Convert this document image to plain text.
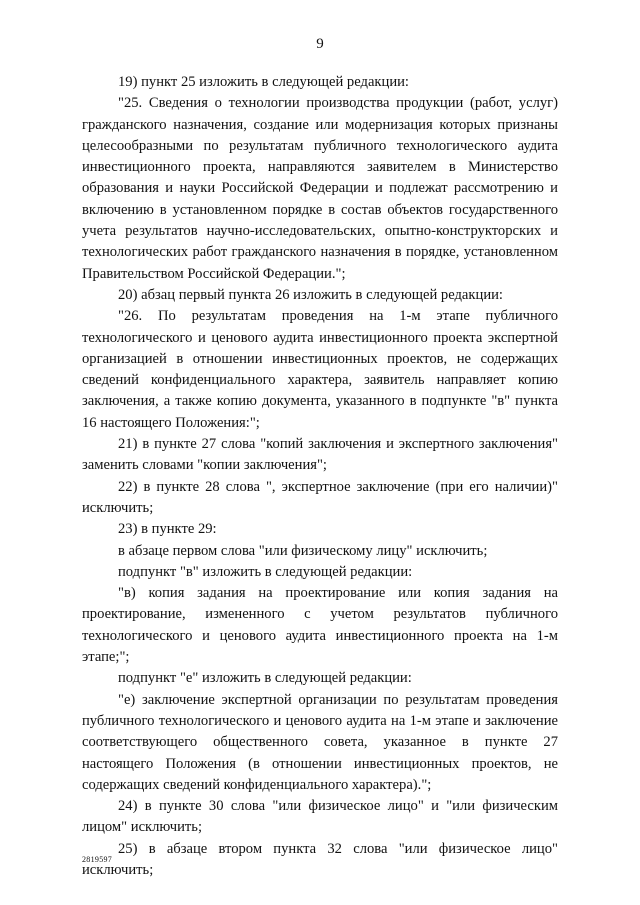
9

19) пункт 25 изложить в следующей редакции:

"25. Сведения о технологии производства продукции (работ, услуг) гражданского назначения, создание или модернизация которых признаны целесообразными по результатам публичного технологического аудита инвестиционного проекта, направляются заявителем в Министерство образования и науки Российской Федерации и подлежат рассмотрению и включению в установленном порядке в состав объектов государственного учета результатов научно-исследовательских, опытно-конструкторских и технологических работ гражданского назначения в порядке, установленном Правительством Российской Федерации.";

20) абзац первый пункта 26 изложить в следующей редакции:

"26. По результатам проведения на 1-м этапе публичного технологического и ценового аудита инвестиционного проекта экспертной организацией в отношении инвестиционных проектов, не содержащих сведений конфиденциального характера, заявитель направляет копию заключения, а также копию документа, указанного в подпункте "в" пункта 16 настоящего Положения:";

21) в пункте 27 слова "копий заключения и экспертного заключения" заменить словами "копии заключения";

22) в пункте 28 слова ", экспертное заключение (при его наличии)" исключить;

23) в пункте 29:

в абзаце первом слова "или физическому лицу" исключить;

подпункт "в" изложить в следующей редакции:

"в) копия задания на проектирование или копия задания на проектирование, измененного с учетом результатов публичного технологического и ценового аудита инвестиционного проекта на 1-м этапе;";

подпункт "е" изложить в следующей редакции:

"е) заключение экспертной организации по результатам проведения публичного технологического и ценового аудита на 1-м этапе и заключение соответствующего общественного совета, указанное в пункте 27 настоящего Положения (в отношении инвестиционных проектов, не содержащих сведений конфиденциального характера).";

24) в пункте 30 слова "или физическое лицо" и "или физическим лицом" исключить;

25) в абзаце втором пункта 32 слова "или физическое лицо" исключить;

2819597
